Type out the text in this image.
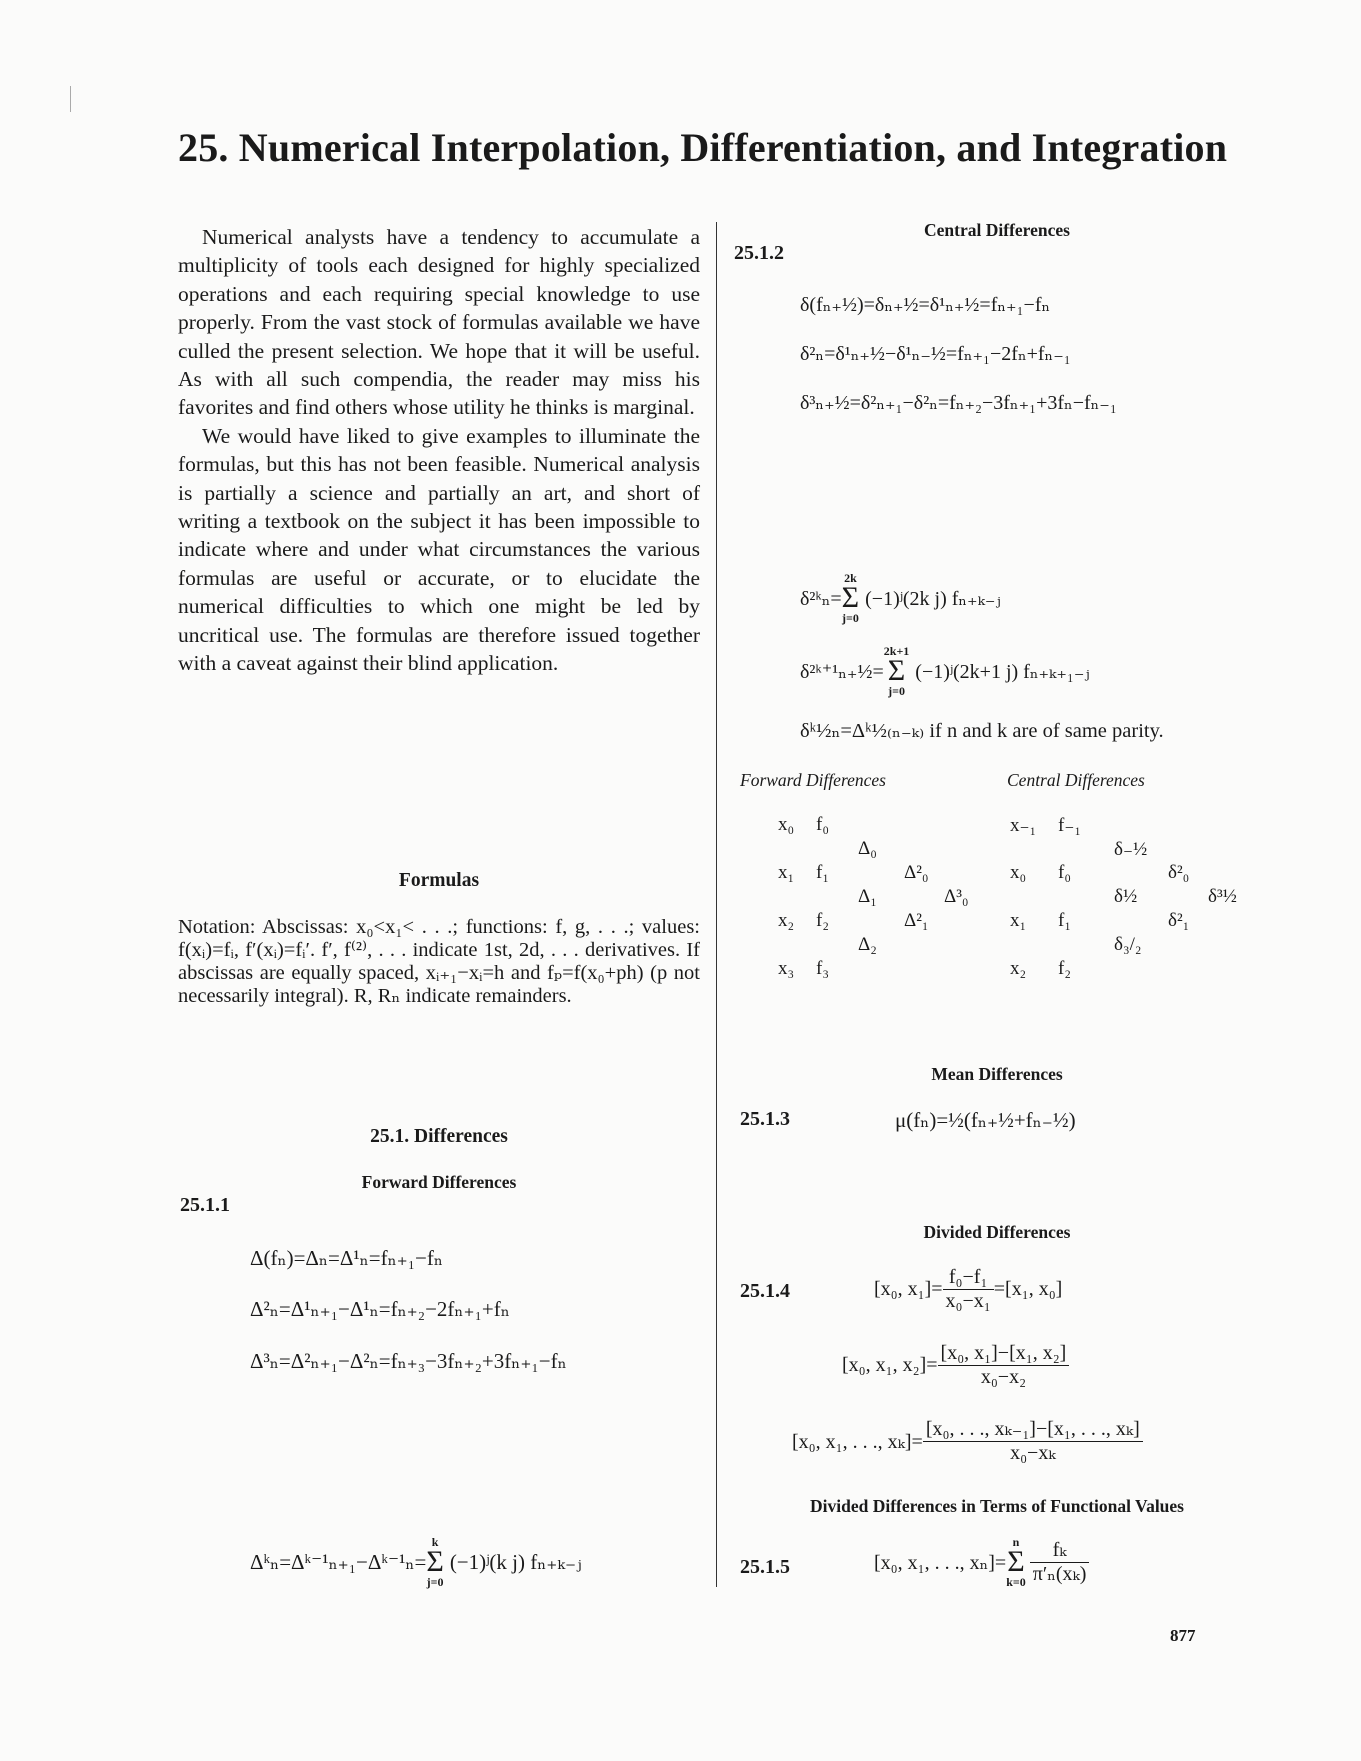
25. Numerical Interpolation, Differentiation, and Integration

Numerical analysts have a tendency to accumulate a multiplicity of tools each designed for highly specialized operations and each requiring special knowledge to use properly. From the vast stock of formulas available we have culled the present selection. We hope that it will be useful. As with all such compendia, the reader may miss his favorites and find others whose utility he thinks is marginal.

We would have liked to give examples to illuminate the formulas, but this has not been feasible. Numerical analysis is partially a science and partially an art, and short of writing a textbook on the subject it has been impossible to indicate where and under what circumstances the various formulas are useful or accurate, or to elucidate the numerical difficulties to which one might be led by uncritical use. The formulas are therefore issued together with a caveat against their blind application.

Formulas
Notation: Abscissas: x₀<x₁< . . .; functions: f, g, . . .; values: f(xᵢ)=fᵢ, f′(xᵢ)=fᵢ′. f′, f⁽²⁾, . . . indicate 1st, 2d, . . . derivatives. If abscissas are equally spaced, xᵢ₊₁−xᵢ=h and fₚ=f(x₀+ph) (p not necessarily integral). R, Rₙ indicate remainders.
25.1. Differences
Forward Differences
25.1.1
Δ(fₙ)=Δₙ=Δ¹ₙ=fₙ₊₁−fₙ
Δ²ₙ=Δ¹ₙ₊₁−Δ¹ₙ=fₙ₊₂−2fₙ₊₁+fₙ
Δ³ₙ=Δ²ₙ₊₁−Δ²ₙ=fₙ₊₃−3fₙ₊₂+3fₙ₊₁−fₙ
Δᵏₙ=Δᵏ⁻¹ₙ₊₁−Δᵏ⁻¹ₙ=
k
Σ
j=0
(−1)ʲ(k j) fₙ₊ₖ₋ⱼ
Central Differences
25.1.2
δ(fₙ₊½)=δₙ₊½=δ¹ₙ₊½=fₙ₊₁−fₙ
δ²ₙ=δ¹ₙ₊½−δ¹ₙ₋½=fₙ₊₁−2fₙ+fₙ₋₁
δ³ₙ₊½=δ²ₙ₊₁−δ²ₙ=fₙ₊₂−3fₙ₊₁+3fₙ−fₙ₋₁
δ²ᵏₙ=
2k
Σ
j=0
(−1)ʲ(2k j) fₙ₊ₖ₋ⱼ
δ²ᵏ⁺¹ₙ₊½=
2k+1
Σ
j=0
(−1)ʲ(2k+1 j) fₙ₊ₖ₊₁₋ⱼ
δᵏ½ₙ=Δᵏ½₍ₙ₋ₖ₎ if n and k are of same parity.
Forward Differences	Central Differences
x₀ f₀
Δ₀
x₁ f₁	Δ²₀
Δ₁	Δ³₀
x₂ f₂	Δ²₁
Δ₂
x₃ f₃
x₋₁ f₋₁
δ₋½
x₀ f₀	δ²₀
δ½	δ³½
x₁ f₁	δ²₁
δ₃/₂
x₂ f₂
Mean Differences
25.1.3	μ(fₙ)=½(fₙ₊½+fₙ₋½)
Divided Differences
25.1.4	[x₀, $x_1]= \frac{\text{f₀−f₁}}{\text{x₀−x₁}} =[x_1$, x₀]
[x₀, x₁, $x_2]= \frac{\text{[x₀, x₁]−[x₁, x₂]}}{\text{x₀−x₂}}$
[x₀, x₁, . . ., $x_k]= \frac{\text{[x₀, . . ., xₖ₋₁]−[x₁, . . ., xₖ]}}{\text{x₀−xₖ}}$
Divided Differences in Terms of Functional Values
25.1.5	[x₀, x₁, . . ., xₙ]=
n
Σ
$k=0 \frac{\text{fₖ}}{\text{π′ₙ(xₖ)}}$
877
